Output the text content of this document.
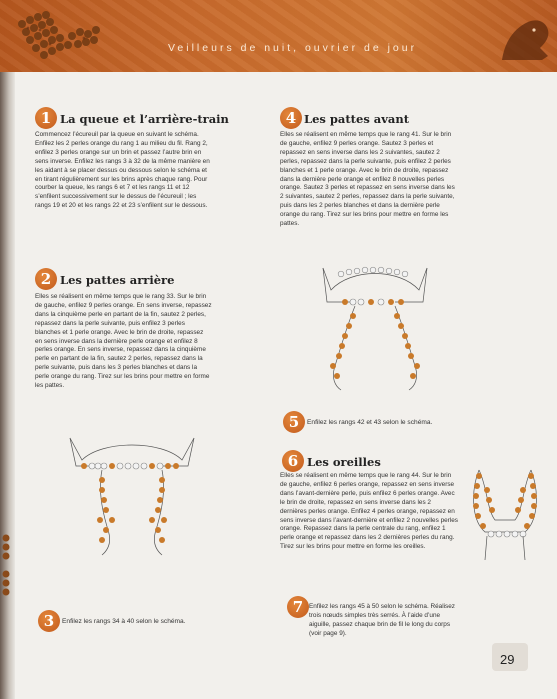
Veilleurs de nuit, ouvrier de jour
1 La queue et l’arrière-train

Commencez l’écureuil par la queue en suivant le schéma. Enfilez les 2 perles orange du rang 1 au milieu du fil. Rang 2, enfilez 3 perles orange sur un brin et passez l’autre brin en sens inverse. Enfilez les rangs 3 à 32 de la même manière en les aidant à se placer dessus ou dessous selon le schéma et en tirant régulièrement sur les brins après chaque rang. Pour courber la queue, les rangs 6 et 7 et les rangs 11 et 12 s’enfilent successivement sur le dessus de l’écureuil ; les rangs 19 et 20 et les rangs 22 et 23 s’enfilent sur le dessous.

2 Les pattes arrière

Elles se réalisent en même temps que le rang 33. Sur le brin de gauche, enfilez 9 perles orange. En sens inverse, repassez dans la cinquième perle en partant de la fin, sautez 2 perles, repassez dans la perle suivante, puis enfilez 3 perles blanches et 1 perle orange. Avec le brin de droite, repassez en sens inverse dans la dernière perle orange et enfilez 8 perles orange. En sens inverse, repassez dans la cinquième perle en partant de la fin, sautez 2 perles, repassez dans la perle suivante, puis dans les 3 perles blanches et dans la perle orange du rang. Tirez sur les brins pour mettre en forme les pattes.

3	Enfilez les rangs 34 à 40 selon le schéma.
4 Les pattes avant

Elles se réalisent en même temps que le rang 41. Sur le brin de gauche, enfilez 9 perles orange. Sautez 3 perles et repassez en sens inverse dans les 2 suivantes, sautez 2 perles, repassez dans la perle suivante, puis enfilez 2 perles blanches et 1 perle orange. Avec le brin de droite, repassez dans la dernière perle orange et enfilez 8 nouvelles perles orange. Sautez 3 perles et repassez en sens inverse dans les 2 suivantes, sautez 2 perles, repassez dans la perle suivante, puis dans les 2 perles blanches et dans la dernière perle orange du rang. Tirez sur les brins pour mettre en forme les pattes.

5	Enfilez les rangs 42 et 43 selon le schéma.
6 Les oreilles

Elles se réalisent en même temps que le rang 44. Sur le brin de gauche, enfilez 6 perles orange, repassez en sens inverse dans l’avant-dernière perle, puis enfilez 6 perles orange. Avec le brin de droite, repassez en sens inverse dans les 2 dernières perles orange. Enfilez 4 perles orange, repassez en sens inverse dans l’avant-dernière et enfilez 2 nouvelles perles orange. Repassez dans la perle centrale du rang, enfilez 1 perle orange et repassez dans les 2 dernières perles du rang. Tirez sur les brins pour mettre en forme les oreilles.

7 Enfilez les rangs 45 à 50 selon le schéma. Réalisez trois nœuds simples très serrés. À l’aide d’une aiguille, passez chaque brin de fil le long du corps (voir page 9).

29
